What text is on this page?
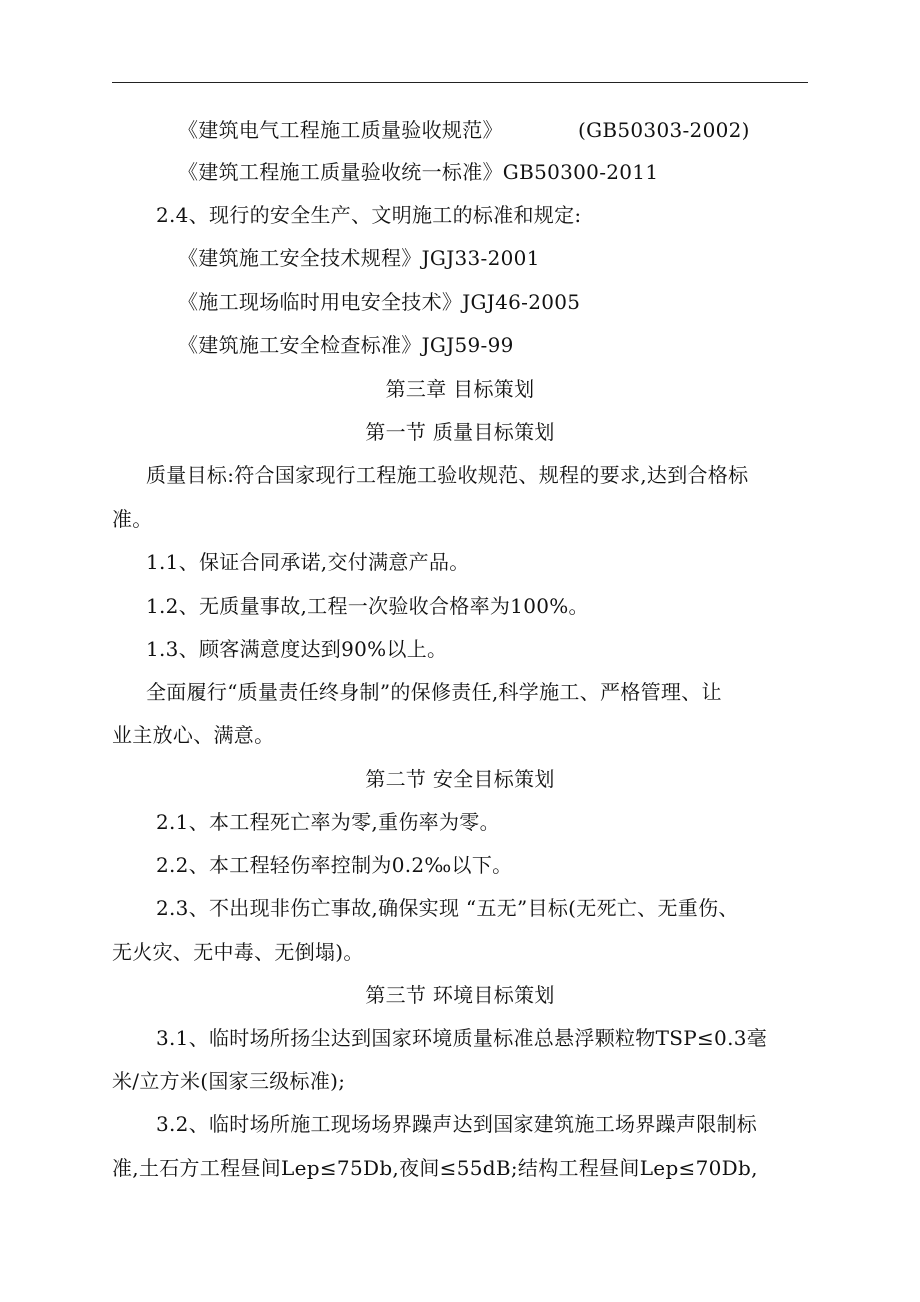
《建筑电气工程施工质量验收规范》	(GB50303-2002)
《建筑工程施工质量验收统一标准》GB50300-2011
2.4、现行的安全生产、文明施工的标准和规定:
《建筑施工安全技术规程》JGJ33-2001
《施工现场临时用电安全技术》JGJ46-2005
《建筑施工安全检查标准》JGJ59-99
第三章 目标策划
第一节 质量目标策划
质量目标:符合国家现行工程施工验收规范、规程的要求,达到合格标
准。
1.1、保证合同承诺,交付满意产品。
1.2、无质量事故,工程一次验收合格率为100%。
1.3、顾客满意度达到90%以上。
全面履行“质量责任终身制”的保修责任,科学施工、严格管理、让
业主放心、满意。
第二节 安全目标策划
2.1、本工程死亡率为零,重伤率为零。
2.2、本工程轻伤率控制为0.2‰以下。
2.3、不出现非伤亡事故,确保实现 “五无”目标(无死亡、无重伤、
无火灾、无中毒、无倒塌)。
第三节 环境目标策划
3.1、临时场所扬尘达到国家环境质量标准总悬浮颗粒物TSP≤0.3毫
米/立方米(国家三级标准);
3.2、临时场所施工现场场界躁声达到国家建筑施工场界躁声限制标
准,土石方工程昼间Lep≤75Db,夜间≤55dB;结构工程昼间Lep≤70Db,
